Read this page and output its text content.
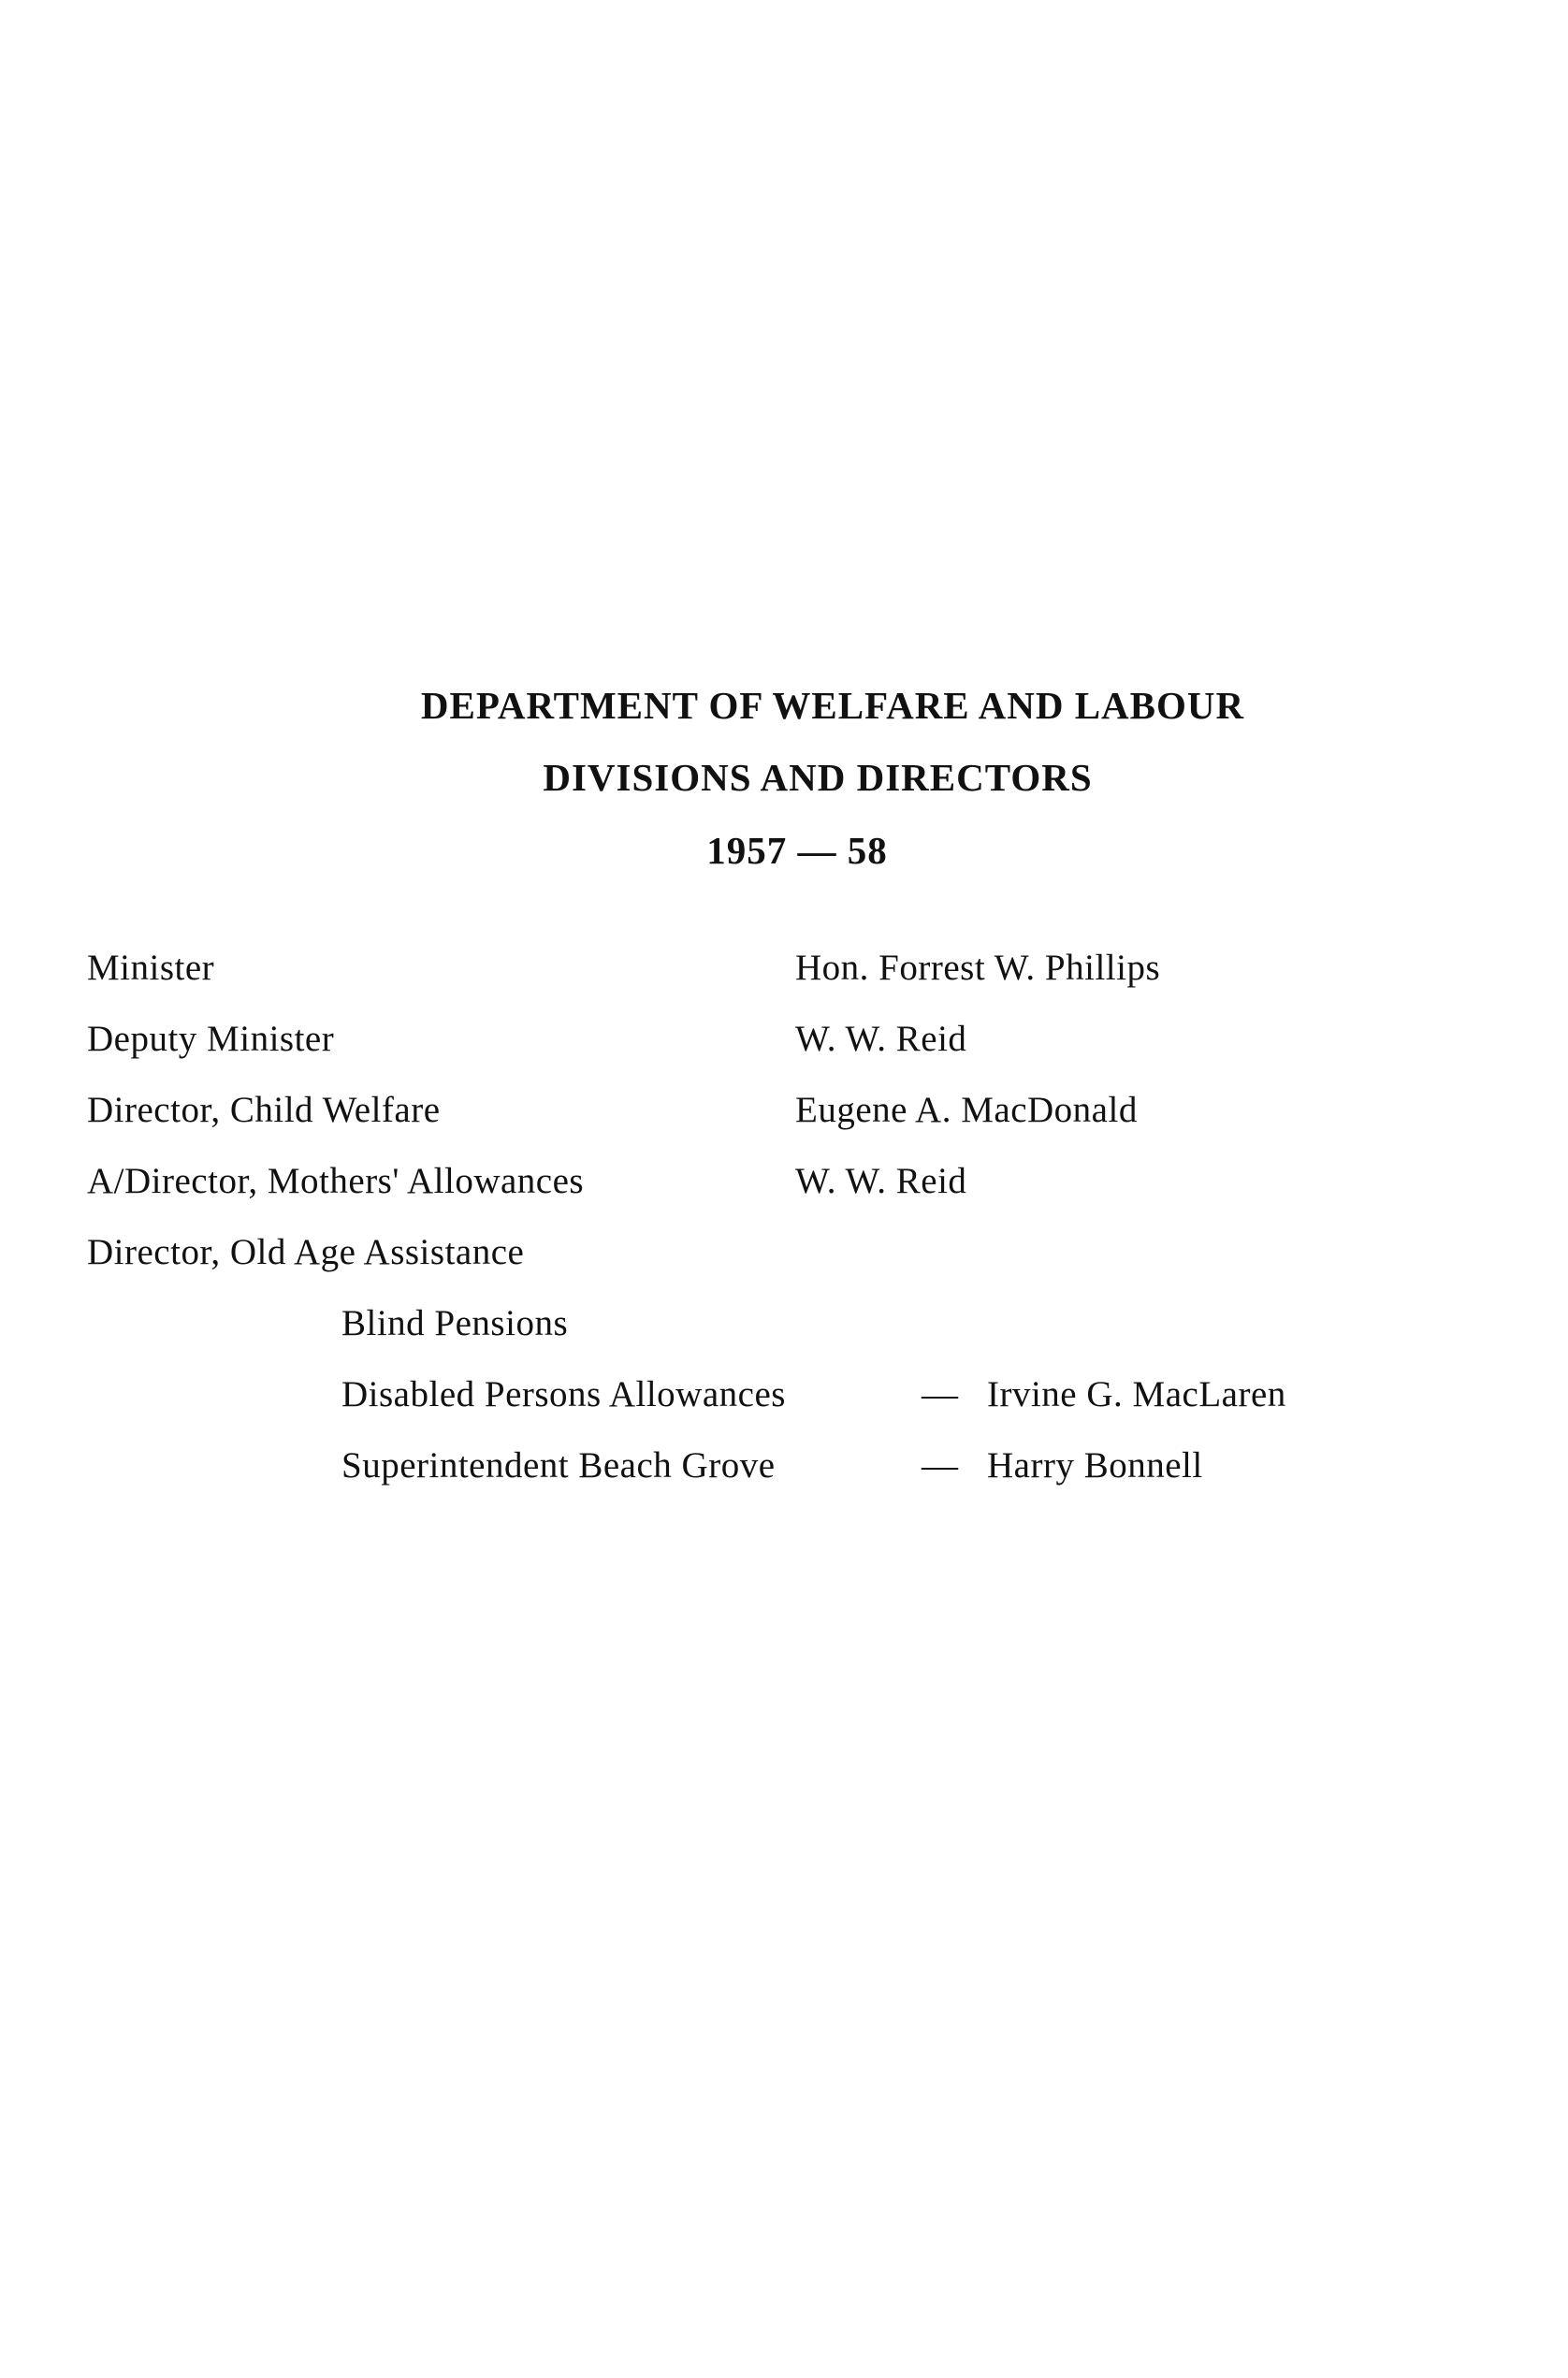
DEPARTMENT OF WELFARE AND LABOUR
DIVISIONS AND DIRECTORS
1957 — 58
Minister	Hon. Forrest W. Phillips
Deputy Minister	W. W. Reid
Director, Child Welfare	Eugene A. MacDonald
A/Director, Mothers' Allowances	W. W. Reid
Director, Old Age Assistance
Blind Pensions
Disabled Persons Allowances	— Irvine G. MacLaren
Superintendent Beach Grove	— Harry Bonnell
